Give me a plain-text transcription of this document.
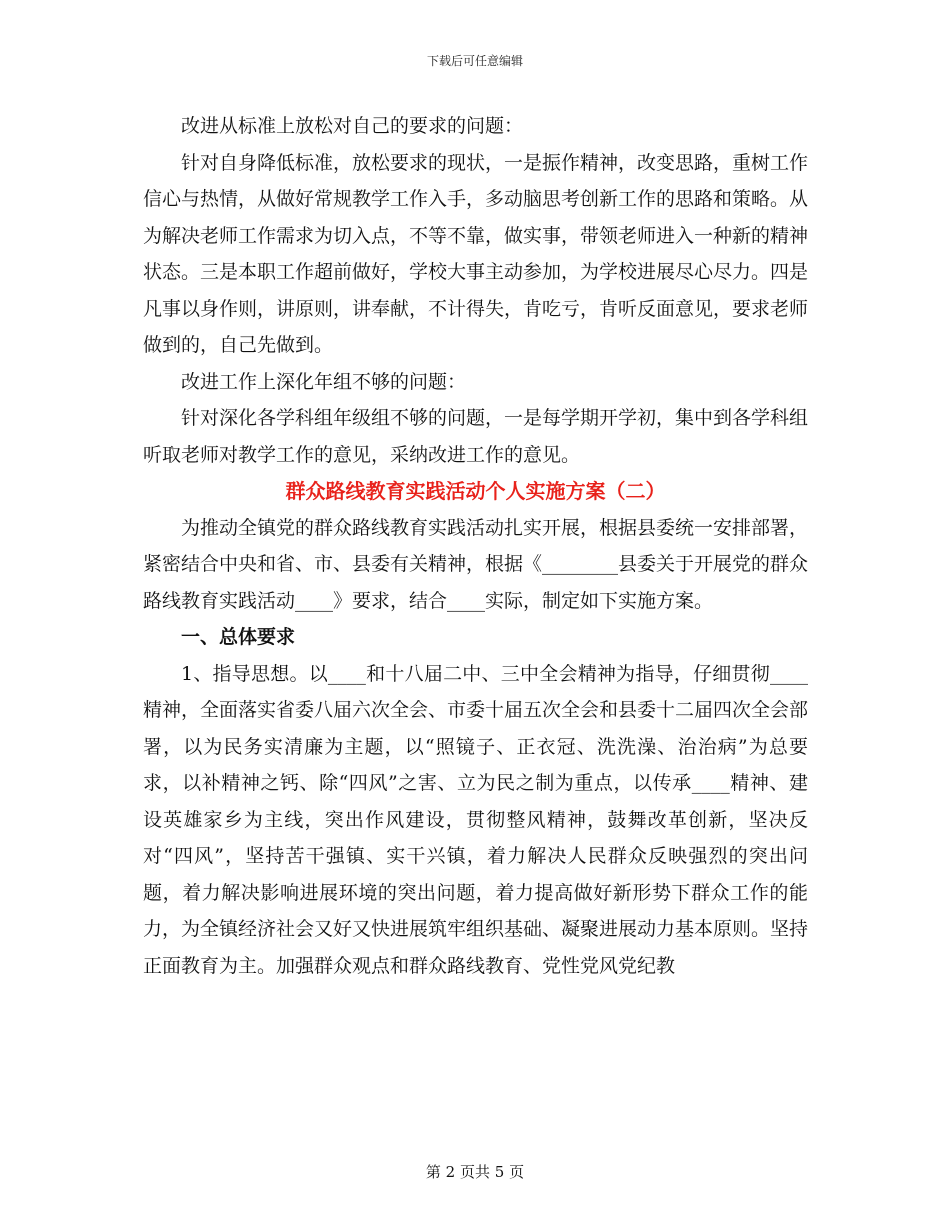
下载后可任意编辑

改进从标准上放松对自己的要求的问题：

针对自身降低标准，放松要求的现状，一是振作精神，改变思路，重树工作信心与热情，从做好常规教学工作入手，多动脑思考创新工作的思路和策略。从为解决老师工作需求为切入点，不等不靠，做实事，带领老师进入一种新的精神状态。三是本职工作超前做好，学校大事主动参加，为学校进展尽心尽力。四是凡事以身作则，讲原则，讲奉献，不计得失，肯吃亏，肯听反面意见，要求老师做到的，自己先做到。

改进工作上深化年组不够的问题：

针对深化各学科组年级组不够的问题，一是每学期开学初，集中到各学科组听取老师对教学工作的意见，采纳改进工作的意见。

群众路线教育实践活动个人实施方案（二）

为推动全镇党的群众路线教育实践活动扎实开展，根据县委统一安排部署，紧密结合中央和省、市、县委有关精神，根据《________县委关于开展党的群众路线教育实践活动____》要求，结合____实际，制定如下实施方案。

一、总体要求

1、指导思想。以____和十八届二中、三中全会精神为指导，仔细贯彻____精神，全面落实省委八届六次全会、市委十届五次全会和县委十二届四次全会部署，以为民务实清廉为主题，以“照镜子、正衣冠、洗洗澡、治治病”为总要求，以补精神之钙、除“四风”之害、立为民之制为重点，以传承____精神、建设英雄家乡为主线，突出作风建设，贯彻整风精神，鼓舞改革创新，坚决反对“四风”，坚持苦干强镇、实干兴镇，着力解决人民群众反映强烈的突出问题，着力解决影响进展环境的突出问题，着力提高做好新形势下群众工作的能力，为全镇经济社会又好又快进展筑牢组织基础、凝聚进展动力基本原则。坚持正面教育为主。加强群众观点和群众路线教育、党性党风党纪教

第 2 页共 5 页
